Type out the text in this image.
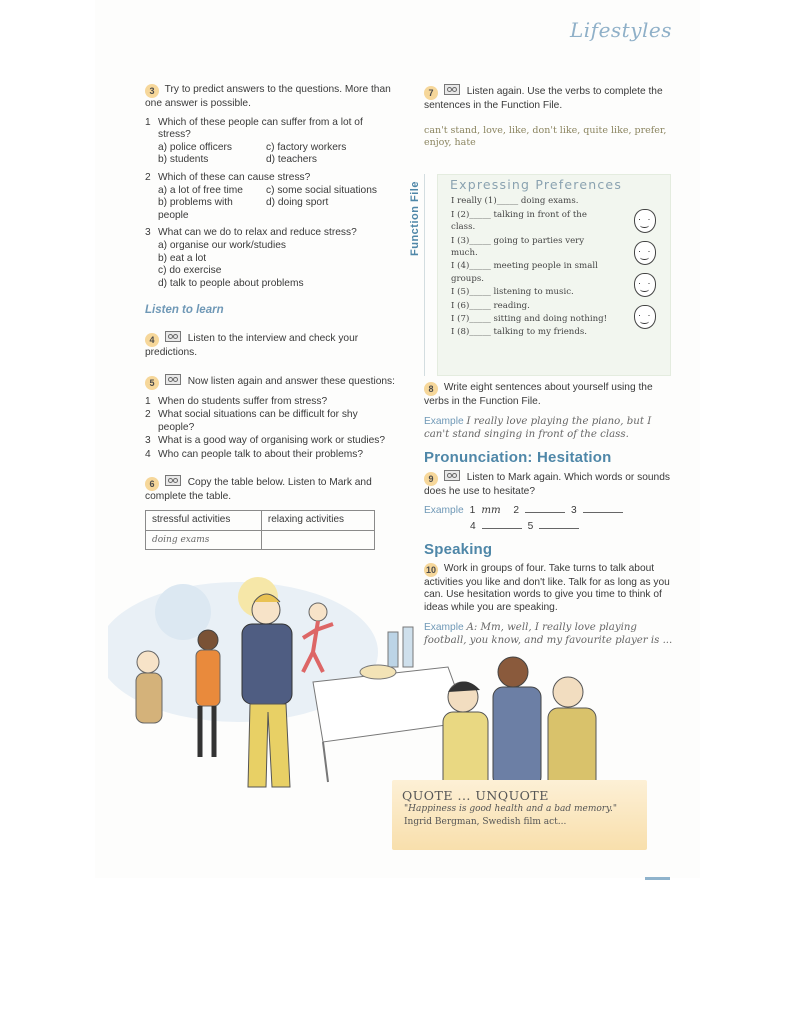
Lifestyles
3 Try to predict answers to the questions. More than one answer is possible.
1 Which of these people can suffer from a lot of stress?
a) police officers	c) factory workers
b) students	d) teachers
2 Which of these can cause stress?
a) a lot of free time	c) some social situations
b) problems with people
d) doing sport
3 What can we do to relax and reduce stress?
a) organise our work/studies
b) eat a lot
c) do exercise
d) talk to people about problems
Listen to learn
4	Listen to the interview and check your predictions.
5	Now listen again and answer these questions:
1 When do students suffer from stress?
2 What social situations can be difficult for shy people?
3 What is a good way of organising work or studies?
4 Who can people talk to about their problems?
6	Copy the table below. Listen to Mark and complete the table.
stressful activities	relaxing activities
doing exams	
7	Listen again. Use the verbs to complete the sentences in the Function File.
can't stand, love, like, don't like, quite like, prefer, enjoy, hate
Function File	Expressing Preferences
I really (1)_____ doing exams.
I (2)_____ talking in front of the class.
I (3)_____ going to parties very much.
I (4)_____ meeting people in small groups.
I (5)_____ listening to music.
I (6)_____ reading.
I (7)_____ sitting and doing nothing!
I (8)_____ talking to my friends.
· ·
· ·
· ·
· ·
8 Write eight sentences about yourself using the verbs in the Function File.
Example I really love playing the piano, but I can't stand singing in front of the class.
Pronunciation: Hesitation
9	Listen to Mark again. Which words or sounds does he use to hesitate?
Example 1 mm	2	3
4	5
Speaking
10 Work in groups of four. Take turns to talk about activities you like and don't like. Talk for as long as you can. Use hesitation words to give you time to think of ideas while you are speaking.
Example A: Mm, well, I really love playing football, you know, and my favourite player is ...
QUOTE ... UNQUOTE
"Happiness is good health and a bad memory."
Ingrid Bergman, Swedish film act...
